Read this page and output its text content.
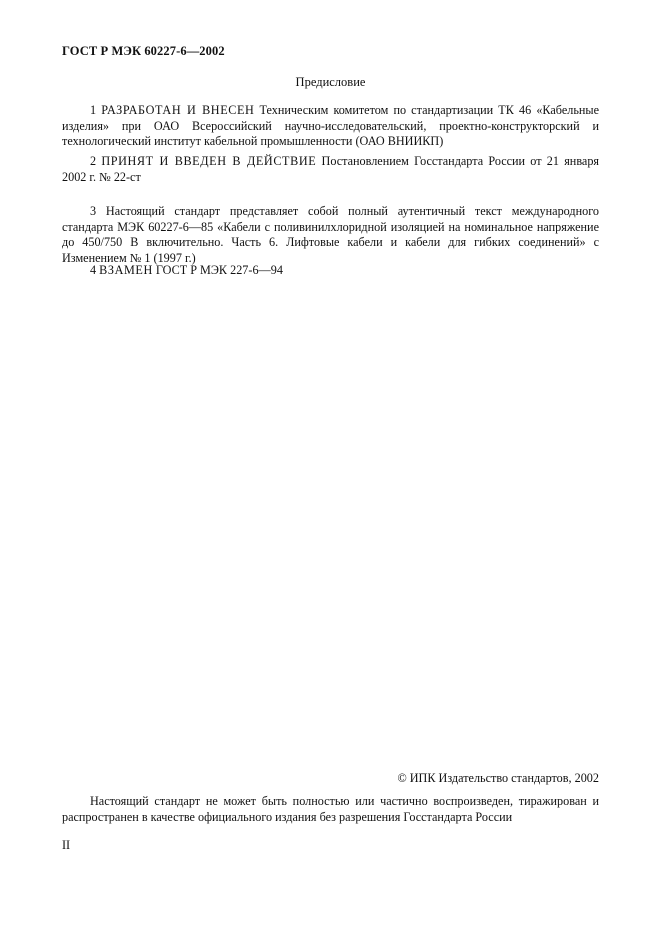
ГОСТ Р МЭК 60227-6—2002
Предисловие

1 РАЗРАБОТАН И ВНЕСЕН Техническим комитетом по стандартизации ТК 46 «Кабельные изделия» при ОАО Всероссийский научно-исследовательский, проектно-конструкторский и технологический институт кабельной промышленности (ОАО ВНИИКП)

2 ПРИНЯТ И ВВЕДЕН В ДЕЙСТВИЕ Постановлением Госстандарта России от 21 января 2002 г. № 22-ст

3 Настоящий стандарт представляет собой полный аутентичный текст международного стандарта МЭК 60227-6—85 «Кабели с поливинилхлоридной изоляцией на номинальное напряжение до 450/750 В включительно. Часть 6. Лифтовые кабели и кабели для гибких соединений» с Изменением № 1 (1997 г.)

4 ВЗАМЕН ГОСТ Р МЭК 227-6—94

© ИПК Издательство стандартов, 2002

Настоящий стандарт не может быть полностью или частично воспроизведен, тиражирован и распространен в качестве официального издания без разрешения Госстандарта России

II
